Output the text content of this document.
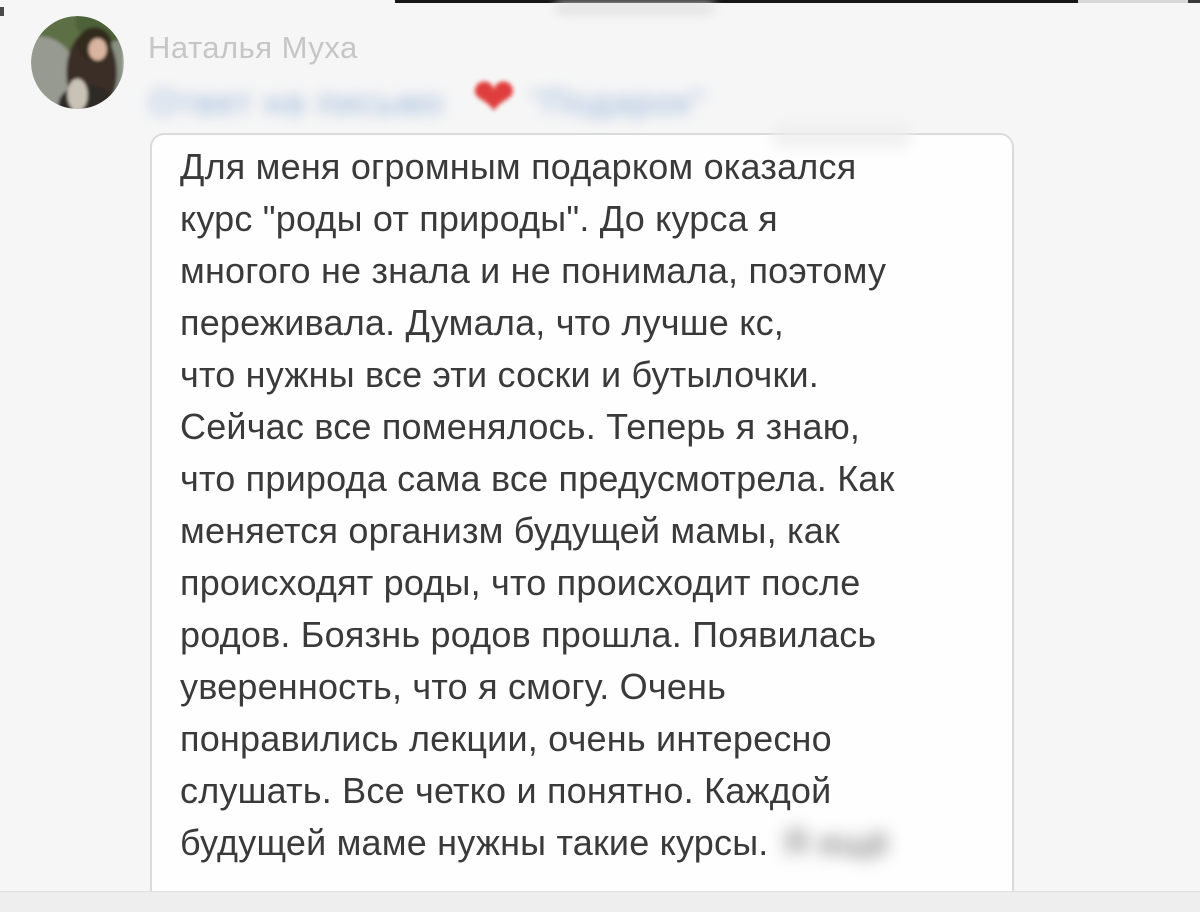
Наталья Муха
Ответ на письмо ❤ "Подарок"
Для меня огромным подарком оказался
курс "роды от природы". До курса я
многого не знала и не понимала, поэтому
переживала. Думала, что лучше кс,
что нужны все эти соски и бутылочки.
Сейчас все поменялось. Теперь я знаю,
что природа сама все предусмотрела. Как
меняется организм будущей мамы, как
происходят роды, что происходит после
родов. Боязнь родов прошла. Появилась
уверенность, что я смогу. Очень
понравились лекции, очень интересно
слушать. Все четко и понятно. Каждой
будущей маме нужны такие курсы. Я ещё
